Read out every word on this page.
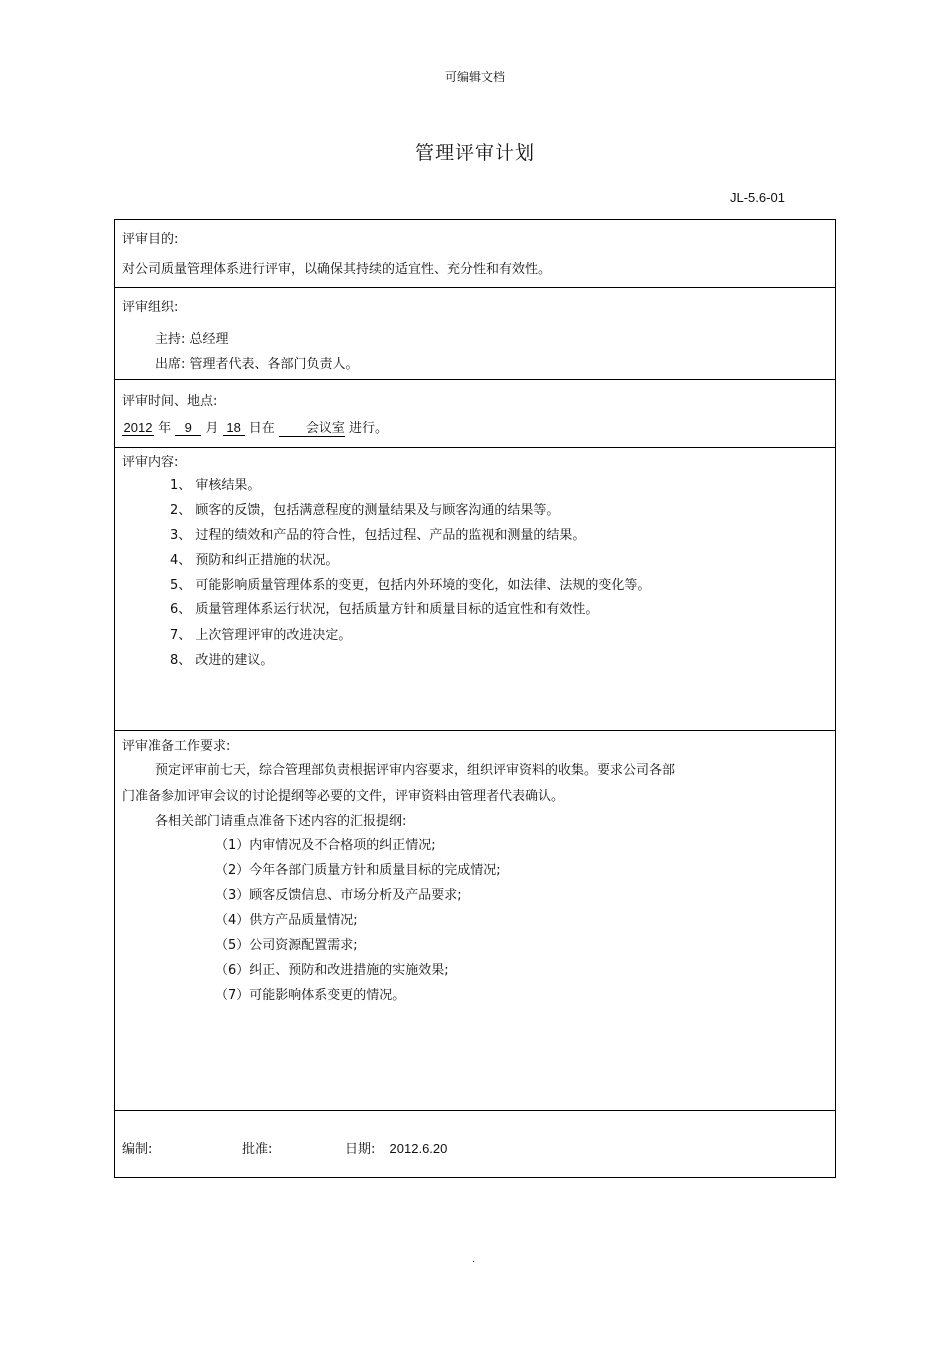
可编辑文档
管理评审计划
JL-5.6-01
评审目的:
对公司质量管理体系进行评审，以确保其持续的适宜性、充分性和有效性。
评审组织:
主持: 总经理
出席: 管理者代表、各部门负责人。
评审时间、地点:
2012 年 9 月 18 日在 会议室 进行。
评审内容:
1、 审核结果。
2、 顾客的反馈，包括满意程度的测量结果及与顾客沟通的结果等。
3、 过程的绩效和产品的符合性，包括过程、产品的监视和测量的结果。
4、 预防和纠正措施的状况。
5、 可能影响质量管理体系的变更，包括内外环境的变化，如法律、法规的变化等。
6、 质量管理体系运行状况，包括质量方针和质量目标的适宜性和有效性。
7、 上次管理评审的改进决定。
8、 改进的建议。
评审准备工作要求:
预定评审前七天，综合管理部负责根据评审内容要求，组织评审资料的收集。要求公司各部
门准备参加评审会议的讨论提纲等必要的文件，评审资料由管理者代表确认。
各相关部门请重点准备下述内容的汇报提纲:
（1）内审情况及不合格项的纠正情况;
（2）今年各部门质量方针和质量目标的完成情况;
（3）顾客反馈信息、市场分析及产品要求;
（4）供方产品质量情况;
（5）公司资源配置需求;
（6）纠正、预防和改进措施的实施效果;
（7）可能影响体系变更的情况。
编制:	批准:	日期: 2012.6.20
.
